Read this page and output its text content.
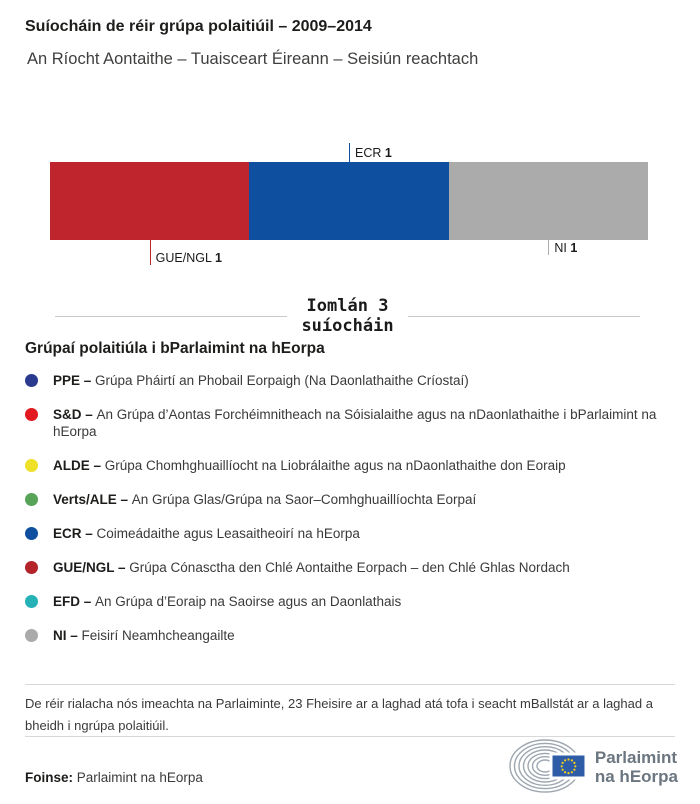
Suíocháin de réir grúpa polaitiúil – 2009–2014
An Ríocht Aontaithe – Tuaisceart Éireann – Seisiún reachtach
GUE/NGL 1
ECR 1
NI 1
Iomlán 3
suíocháin
Grúpaí polaitiúla i bParlaimint na hEorpa
PPE – Grúpa Pháirtí an Phobail Eorpaigh (Na Daonlathaithe Críostaí)
S&D – An Grúpa d’Aontas Forchéimnitheach na Sóisialaithe agus na nDaonlathaithe i bParlaimint na hEorpa
ALDE – Grúpa Chomhghuaillíocht na Liobrálaithe agus na nDaonlathaithe don Eoraip
Verts/ALE – An Grúpa Glas/Grúpa na Saor–Comhghuaillíochta Eorpaí
ECR – Coimeádaithe agus Leasaitheoirí na hEorpa
GUE/NGL – Grúpa Cónasctha den Chlé Aontaithe Eorpach – den Chlé Ghlas Nordach
EFD – An Grúpa d’Eoraip na Saoirse agus an Daonlathais
NI – Feisirí Neamhcheangailte
De réir rialacha nós imeachta na Parlaiminte, 23 Fheisire ar a laghad atá tofa i seacht mBallstát ar a laghad a bheidh i ngrúpa polaitiúil.
Foinse: Parlaimint na hEorpa
Parlaimint
na hEorpa
